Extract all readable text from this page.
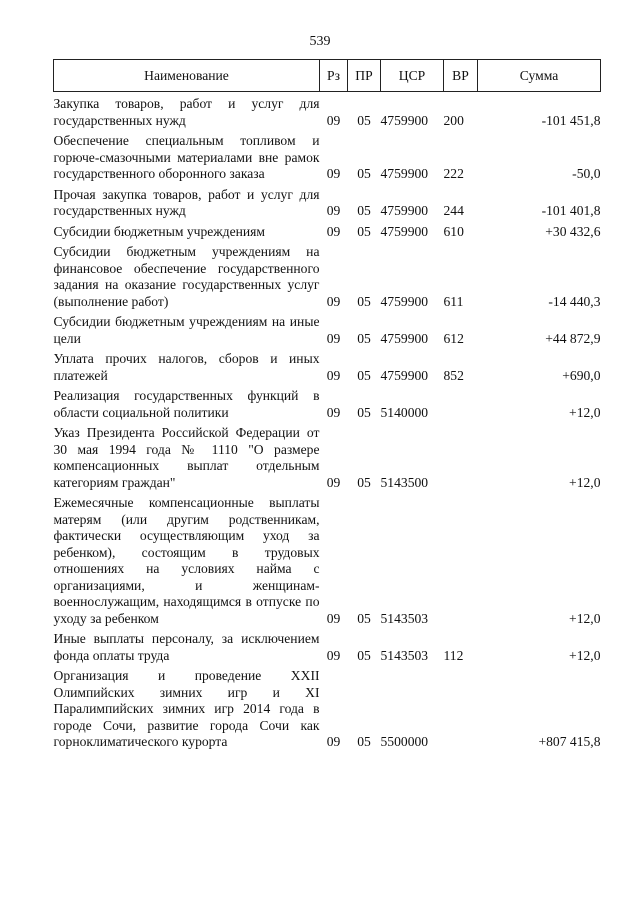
539
Наименование	Рз	ПР	ЦСР	ВР	Сумма
Закупка товаров, работ и услуг для государственных нужд	09	05	4759900	200	-101 451,8
Обеспечение специальным топливом и горюче-смазочными материалами вне рамок государственного оборонного заказа	09	05	4759900	222	-50,0
Прочая закупка товаров, работ и услуг для государственных нужд	09	05	4759900	244	-101 401,8
Субсидии бюджетным учреждениям	09	05	4759900	610	+30 432,6
Субсидии бюджетным учреждениям на финансовое обеспечение государственного задания на оказание государственных услуг (выполнение работ)	09	05	4759900	611	-14 440,3
Субсидии бюджетным учреждениям на иные цели	09	05	4759900	612	+44 872,9
Уплата прочих налогов, сборов и иных платежей	09	05	4759900	852	+690,0
Реализация государственных функций в области социальной политики	09	05	5140000		+12,0
Указ Президента Российской Федерации от 30 мая 1994 года № 1110 "О размере компенсационных выплат отдельным категориям граждан"	09	05	5143500		+12,0
Ежемесячные компенсационные выплаты матерям (или другим родственникам, фактически осуществляющим уход за ребенком), состоящим в трудовых отношениях на условиях найма с организациями, и женщинам-военнослужащим, находящимся в отпуске по уходу за ребенком	09	05	5143503		+12,0
Иные выплаты персоналу, за исключением фонда оплаты труда	09	05	5143503	112	+12,0
Организация и проведение XXII Олимпийских зимних игр и XI Паралимпийских зимних игр 2014 года в городе Сочи, развитие города Сочи как горноклиматического курорта	09	05	5500000		+807 415,8
